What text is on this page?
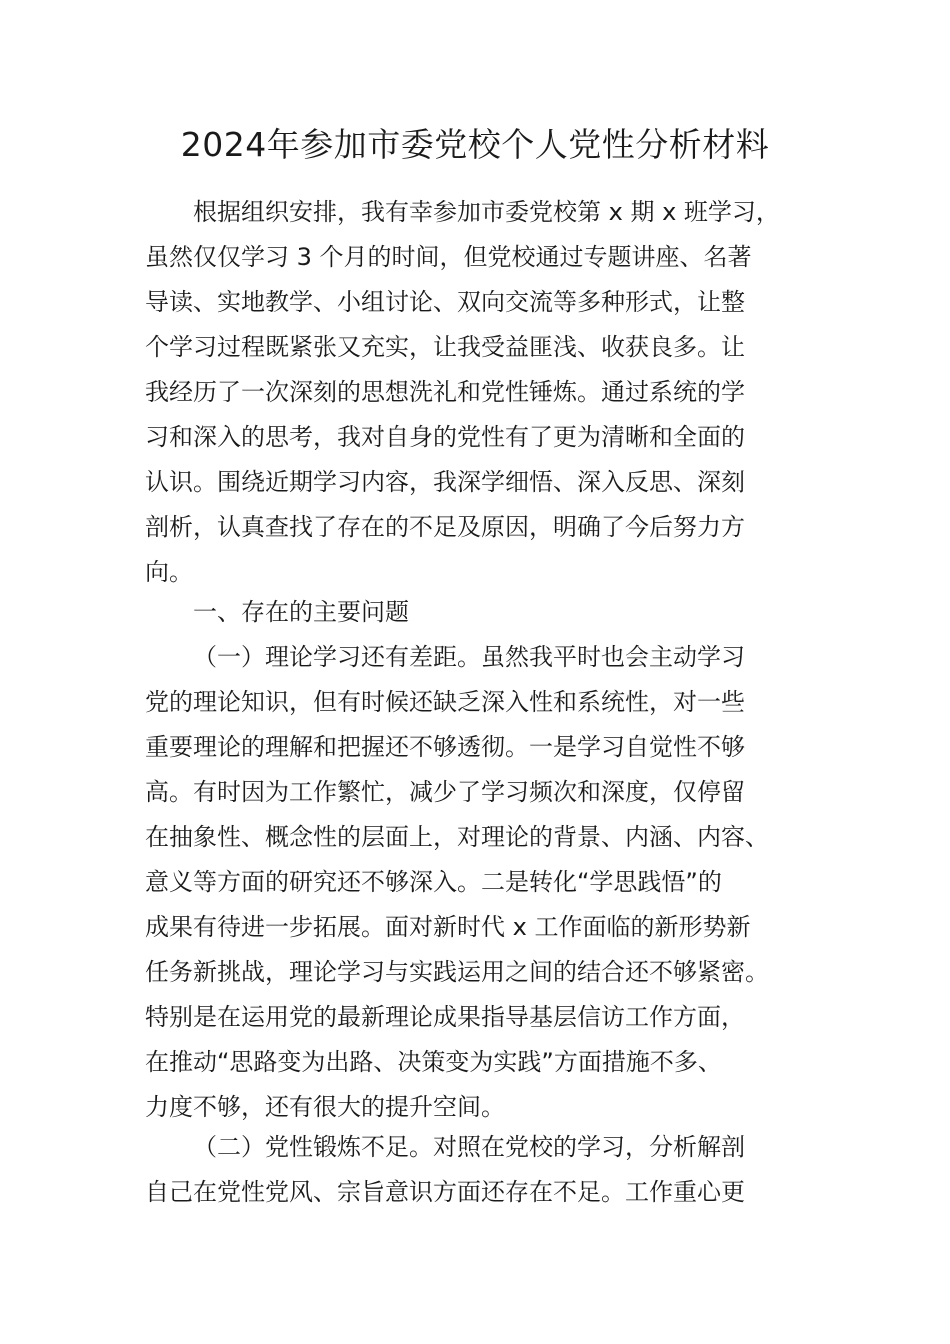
2024年参加市委党校个人党性分析材料
根据组织安排，我有幸参加市委党校第 x 期 x 班学习，
虽然仅仅学习 3 个月的时间，但党校通过专题讲座、名著
导读、实地教学、小组讨论、双向交流等多种形式，让整
个学习过程既紧张又充实，让我受益匪浅、收获良多。让
我经历了一次深刻的思想洗礼和党性锤炼。通过系统的学
习和深入的思考，我对自身的党性有了更为清晰和全面的
认识。围绕近期学习内容，我深学细悟、深入反思、深刻
剖析，认真查找了存在的不足及原因，明确了今后努力方
向。
一、存在的主要问题
（一）理论学习还有差距。虽然我平时也会主动学习
党的理论知识，但有时候还缺乏深入性和系统性，对一些
重要理论的理解和把握还不够透彻。一是学习自觉性不够
高。有时因为工作繁忙，减少了学习频次和深度，仅停留
在抽象性、概念性的层面上，对理论的背景、内涵、内容、
意义等方面的研究还不够深入。二是转化“学思践悟”的
成果有待进一步拓展。面对新时代 x 工作面临的新形势新
任务新挑战，理论学习与实践运用之间的结合还不够紧密。
特别是在运用党的最新理论成果指导基层信访工作方面，
在推动“思路变为出路、决策变为实践”方面措施不多、
力度不够，还有很大的提升空间。
（二）党性锻炼不足。对照在党校的学习，分析解剖
自己在党性党风、宗旨意识方面还存在不足。工作重心更
